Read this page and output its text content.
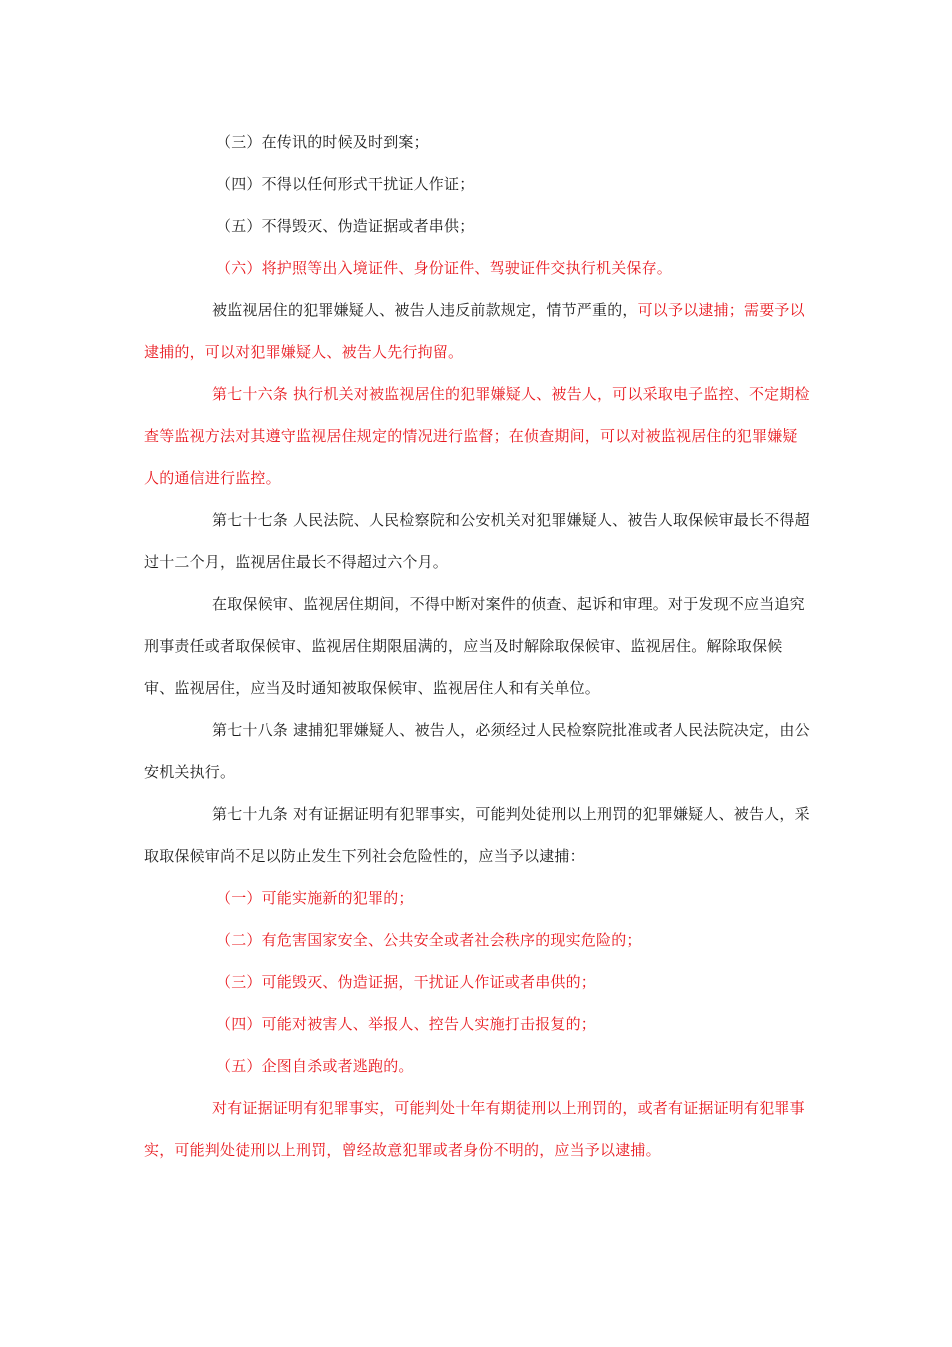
（三）在传讯的时候及时到案；

（四）不得以任何形式干扰证人作证；

（五）不得毁灭、伪造证据或者串供；

（六）将护照等出入境证件、身份证件、驾驶证件交执行机关保存。

被监视居住的犯罪嫌疑人、被告人违反前款规定，情节严重的，可以予以逮捕；需要予以逮捕的，可以对犯罪嫌疑人、被告人先行拘留。

第七十六条 执行机关对被监视居住的犯罪嫌疑人、被告人，可以采取电子监控、不定期检查等监视方法对其遵守监视居住规定的情况进行监督；在侦查期间，可以对被监视居住的犯罪嫌疑人的通信进行监控。

第七十七条 人民法院、人民检察院和公安机关对犯罪嫌疑人、被告人取保候审最长不得超过十二个月，监视居住最长不得超过六个月。

在取保候审、监视居住期间，不得中断对案件的侦查、起诉和审理。对于发现不应当追究刑事责任或者取保候审、监视居住期限届满的，应当及时解除取保候审、监视居住。解除取保候审、监视居住，应当及时通知被取保候审、监视居住人和有关单位。

第七十八条 逮捕犯罪嫌疑人、被告人，必须经过人民检察院批准或者人民法院决定，由公安机关执行。

第七十九条 对有证据证明有犯罪事实，可能判处徒刑以上刑罚的犯罪嫌疑人、被告人，采取取保候审尚不足以防止发生下列社会危险性的，应当予以逮捕：

（一）可能实施新的犯罪的；

（二）有危害国家安全、公共安全或者社会秩序的现实危险的；

（三）可能毁灭、伪造证据，干扰证人作证或者串供的；

（四）可能对被害人、举报人、控告人实施打击报复的；

（五）企图自杀或者逃跑的。

对有证据证明有犯罪事实，可能判处十年有期徒刑以上刑罚的，或者有证据证明有犯罪事实，可能判处徒刑以上刑罚，曾经故意犯罪或者身份不明的，应当予以逮捕。
